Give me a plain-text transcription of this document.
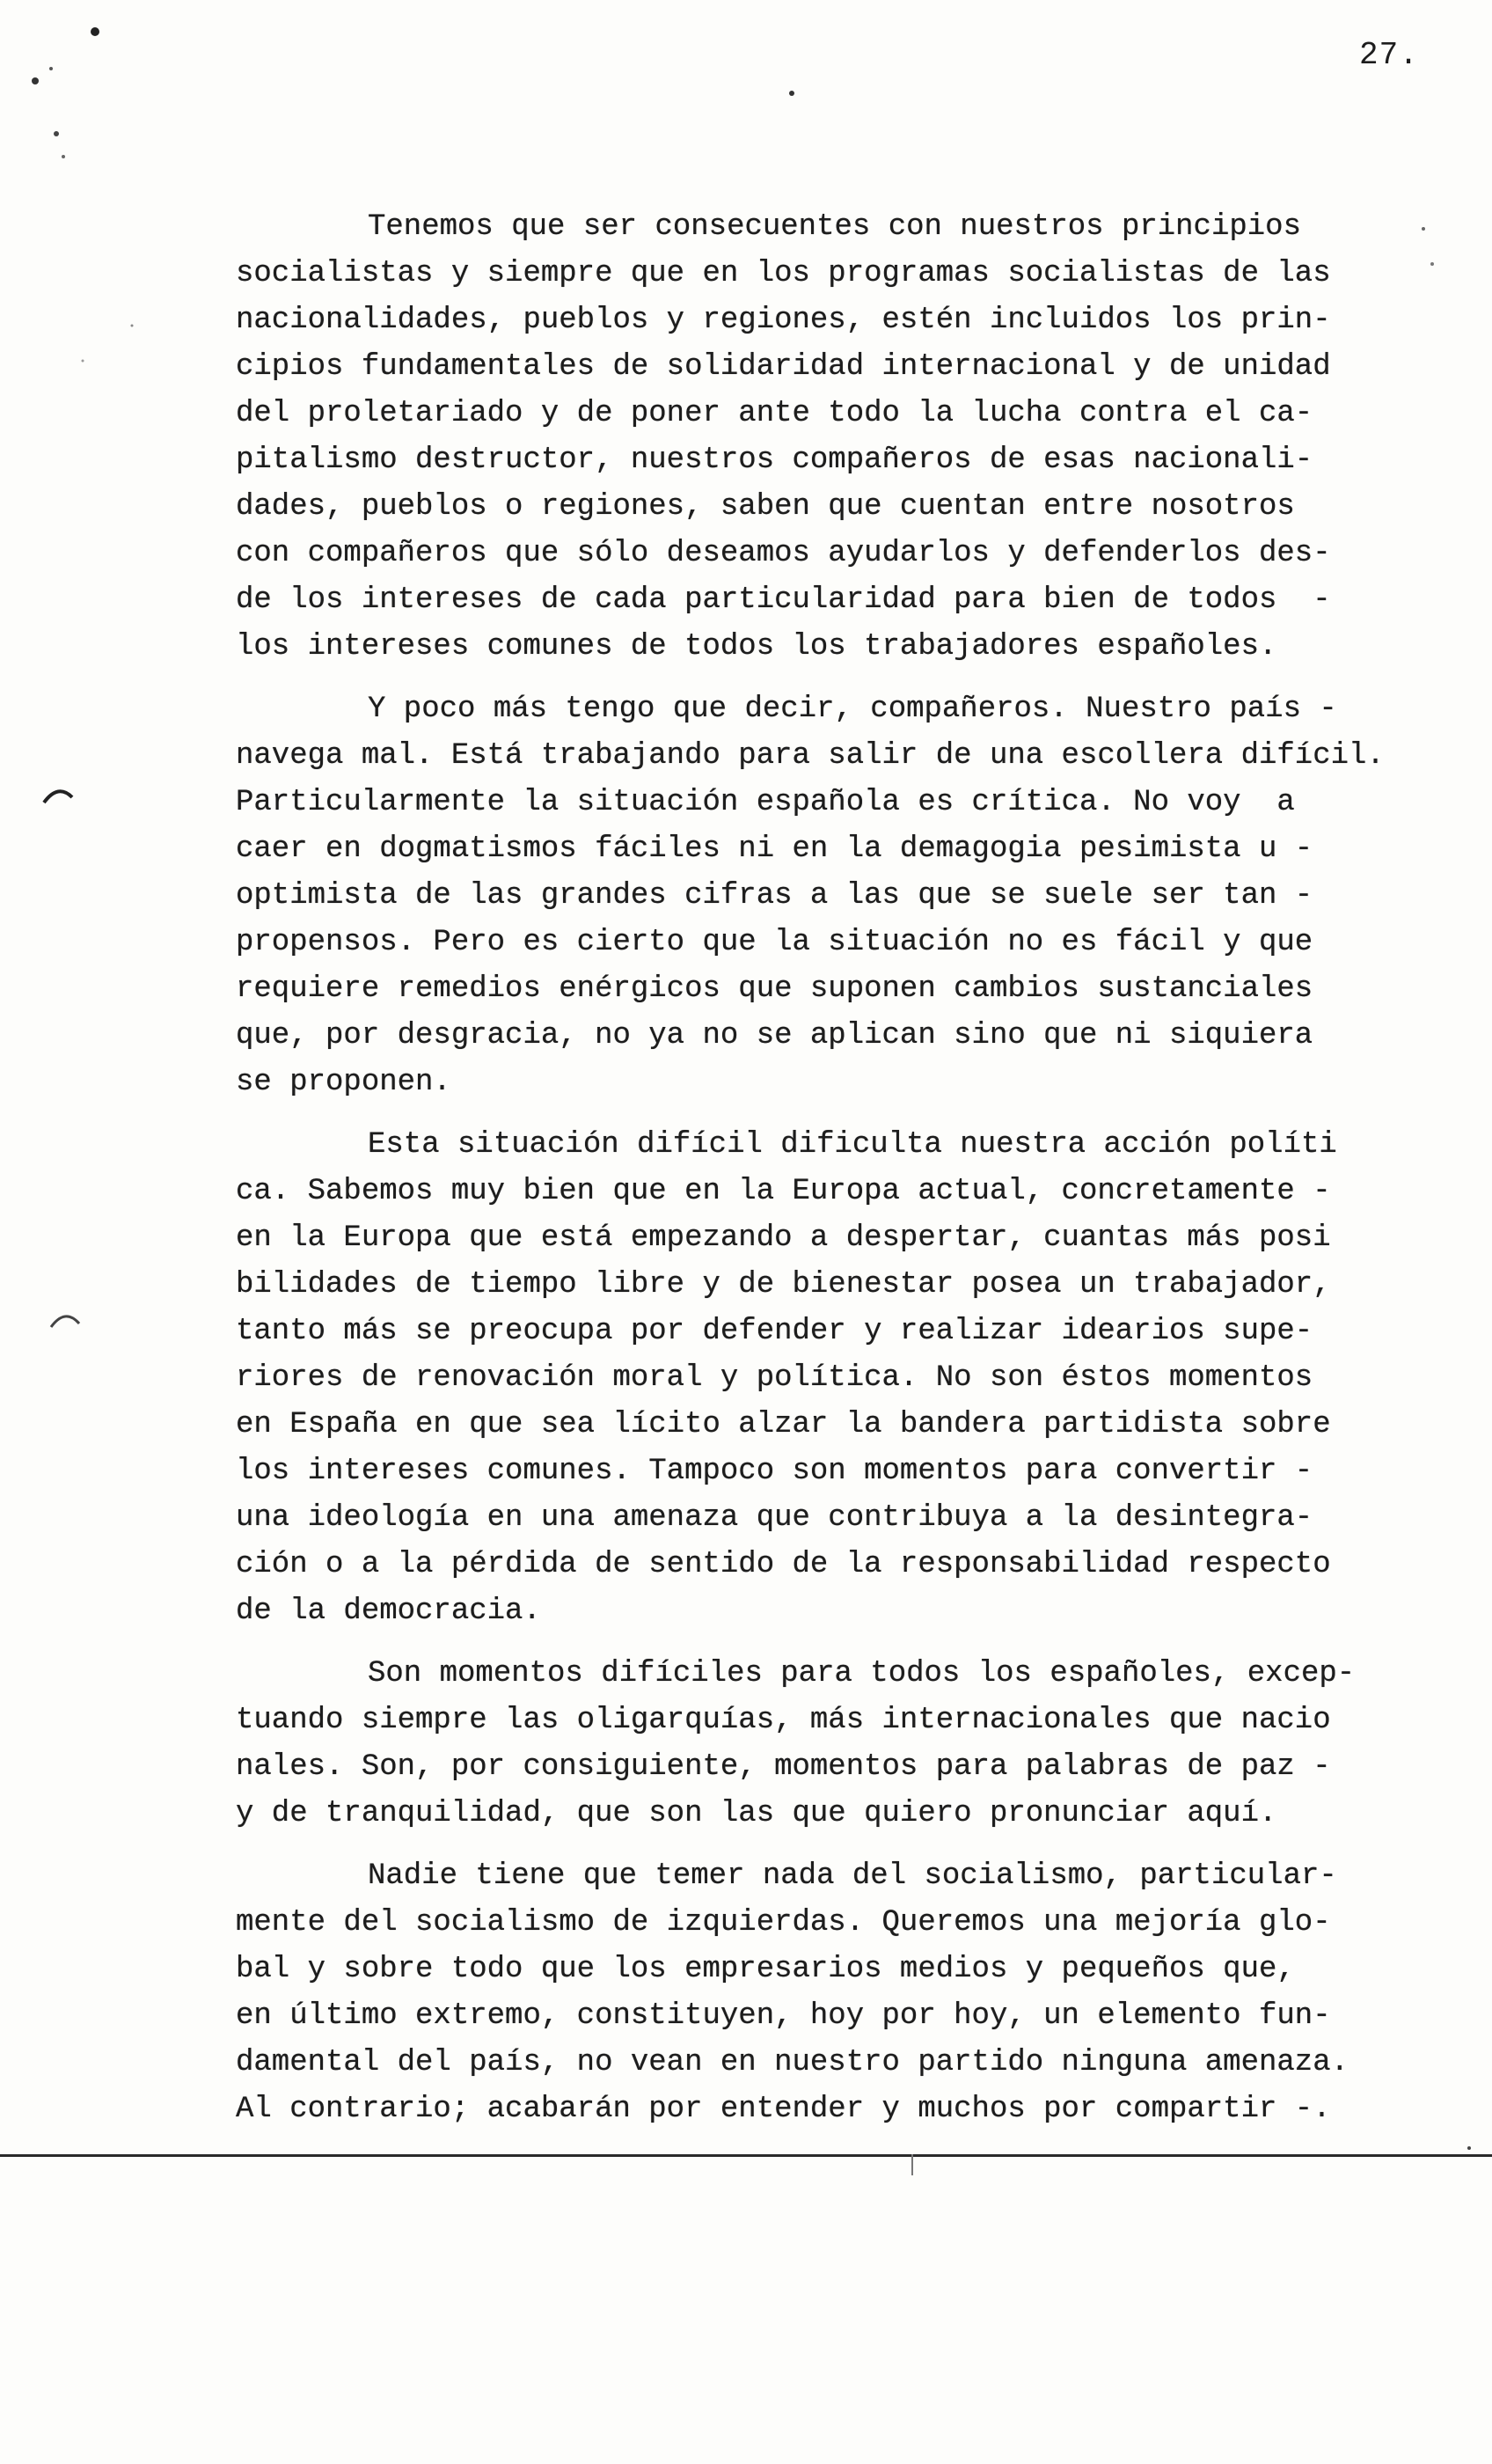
27.
Tenemos que ser consecuentes con nuestros principios
socialistas y siempre que en los programas socialistas de las
nacionalidades, pueblos y regiones, estén incluidos los prin-
cipios fundamentales de solidaridad internacional y de unidad
del proletariado y de poner ante todo la lucha contra el ca-
pitalismo destructor, nuestros compañeros de esas nacionali-
dades, pueblos o regiones, saben que cuentan entre nosotros
con compañeros que sólo deseamos ayudarlos y defenderlos des-
de los intereses de cada particularidad para bien de todos  -
los intereses comunes de todos los trabajadores españoles.
Y poco más tengo que decir, compañeros. Nuestro país -
navega mal. Está trabajando para salir de una escollera difícil.
Particularmente la situación española es crítica. No voy  a
caer en dogmatismos fáciles ni en la demagogia pesimista u -
optimista de las grandes cifras a las que se suele ser tan -
propensos. Pero es cierto que la situación no es fácil y que
requiere remedios enérgicos que suponen cambios sustanciales
que, por desgracia, no ya no se aplican sino que ni siquiera
se proponen.
Esta situación difícil dificulta nuestra acción políti
ca. Sabemos muy bien que en la Europa actual, concretamente -
en la Europa que está empezando a despertar, cuantas más posi
bilidades de tiempo libre y de bienestar posea un trabajador,
tanto más se preocupa por defender y realizar idearios supe-
riores de renovación moral y política. No son éstos momentos
en España en que sea lícito alzar la bandera partidista sobre
los intereses comunes. Tampoco son momentos para convertir -
una ideología en una amenaza que contribuya a la desintegra-
ción o a la pérdida de sentido de la responsabilidad respecto
de la democracia.
Son momentos difíciles para todos los españoles, excep-
tuando siempre las oligarquías, más internacionales que nacio
nales. Son, por consiguiente, momentos para palabras de paz -
y de tranquilidad, que son las que quiero pronunciar aquí.
Nadie tiene que temer nada del socialismo, particular-
mente del socialismo de izquierdas. Queremos una mejoría glo-
bal y sobre todo que los empresarios medios y pequeños que,
en último extremo, constituyen, hoy por hoy, un elemento fun-
damental del país, no vean en nuestro partido ninguna amenaza.
Al contrario; acabarán por entender y muchos por compartir -.
